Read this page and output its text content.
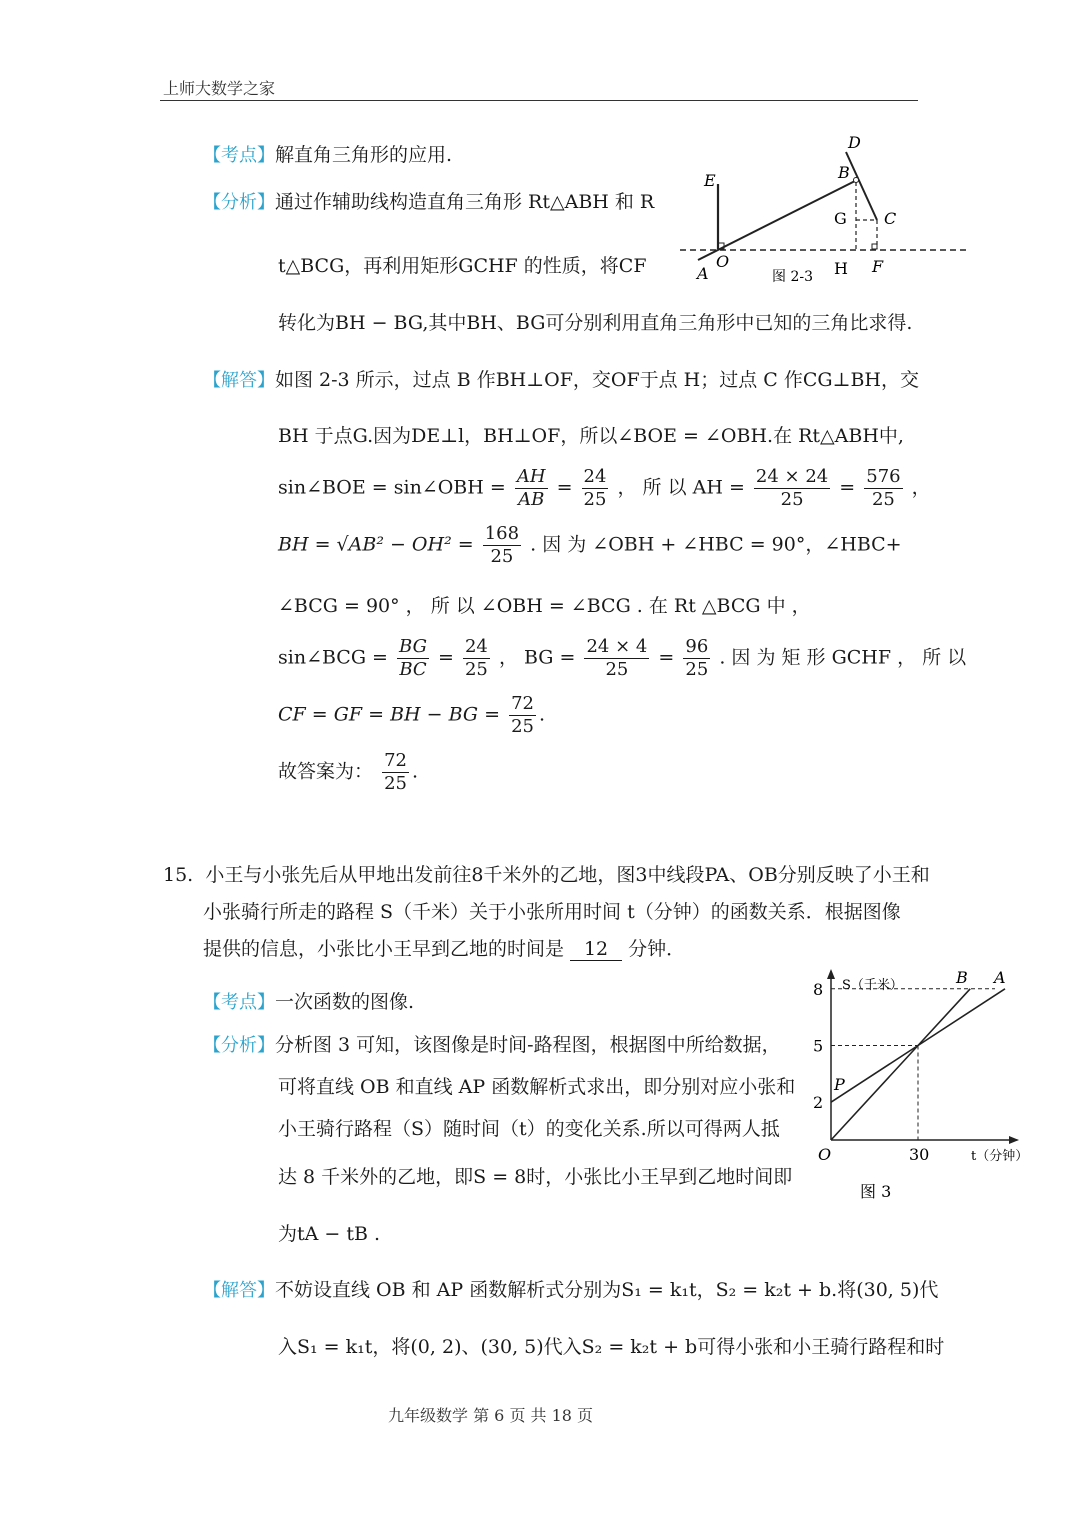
上师大数学之家
【考点】解直角三角形的应用.
【分析】通过作辅助线构造直角三角形 Rt△ABH 和 R
t△BCG，再利用矩形GCHF 的性质，将CF
转化为BH − BG,其中BH、BG可分别利用直角三角形中已知的三角比求得.
A
O
E
D
B
G C
H F
图 2-3
【解答】如图 2-3 所示，过点 B 作BH⊥OF，交OF于点 H；过点 C 作CG⊥BH，交
BH 于点G.因为DE⊥l，BH⊥OF，所以∠BOE = ∠OBH.在 Rt△ABH中,
sin∠BOE = sin∠OBH = $\frac{AH}{AB} = \frac{24}{25}$ ， 所 以 AH = $\frac{24 \times 24}{25} = \frac{576}{25}$ ，
BH = $√AB^2 - OH^2 = \frac{168}{25}$ . 因 为 ∠OBH + ∠HBC = 90°，∠HBC+
∠BCG = 90° ， 所 以 ∠OBH = ∠BCG . 在 Rt △BCG 中 ，
sin∠BCG = $\frac{BG}{BC} = \frac{24}{25}$ ， BG = $\frac{24 \times 4}{25} = \frac{96}{25}$ . 因 为 矩 形 GCHF ， 所 以
CF = GF = BH − BG = $\frac{72}{25}$ .
故答案为： $\frac{72}{25}$ .
15. 小王与小张先后从甲地出发前往8千米外的乙地，图3中线段PA、OB分别反映了小王和
小张骑行所走的路程 S（千米）关于小张所用时间 t（分钟）的函数关系．根据图像
提供的信息，小张比小王早到乙地的时间是 12 分钟．
【考点】一次函数的图像.
【分析】分析图 3 可知，该图像是时间-路程图，根据图中所给数据，
可将直线 OB 和直线 AP 函数解析式求出，即分别对应小张和
小王骑行路程（S）随时间（t）的变化关系.所以可得两人抵
达 8 千米外的乙地，即S = 8时，小张比小王早到乙地时间即
为tA − tB .
【解答】不妨设直线 OB 和 AP 函数解析式分别为S₁ = k₁t，S₂ = k₂t + b.将(30, 5)代
入S₁ = k₁t，将(0, 2)、(30, 5)代入S₂ = k₂t + b可得小张和小王骑行路程和时
2
5
8
30
O
S（千米）
t（分钟）
B A
P
图 3
九年级数学 第 6 页 共 18 页
